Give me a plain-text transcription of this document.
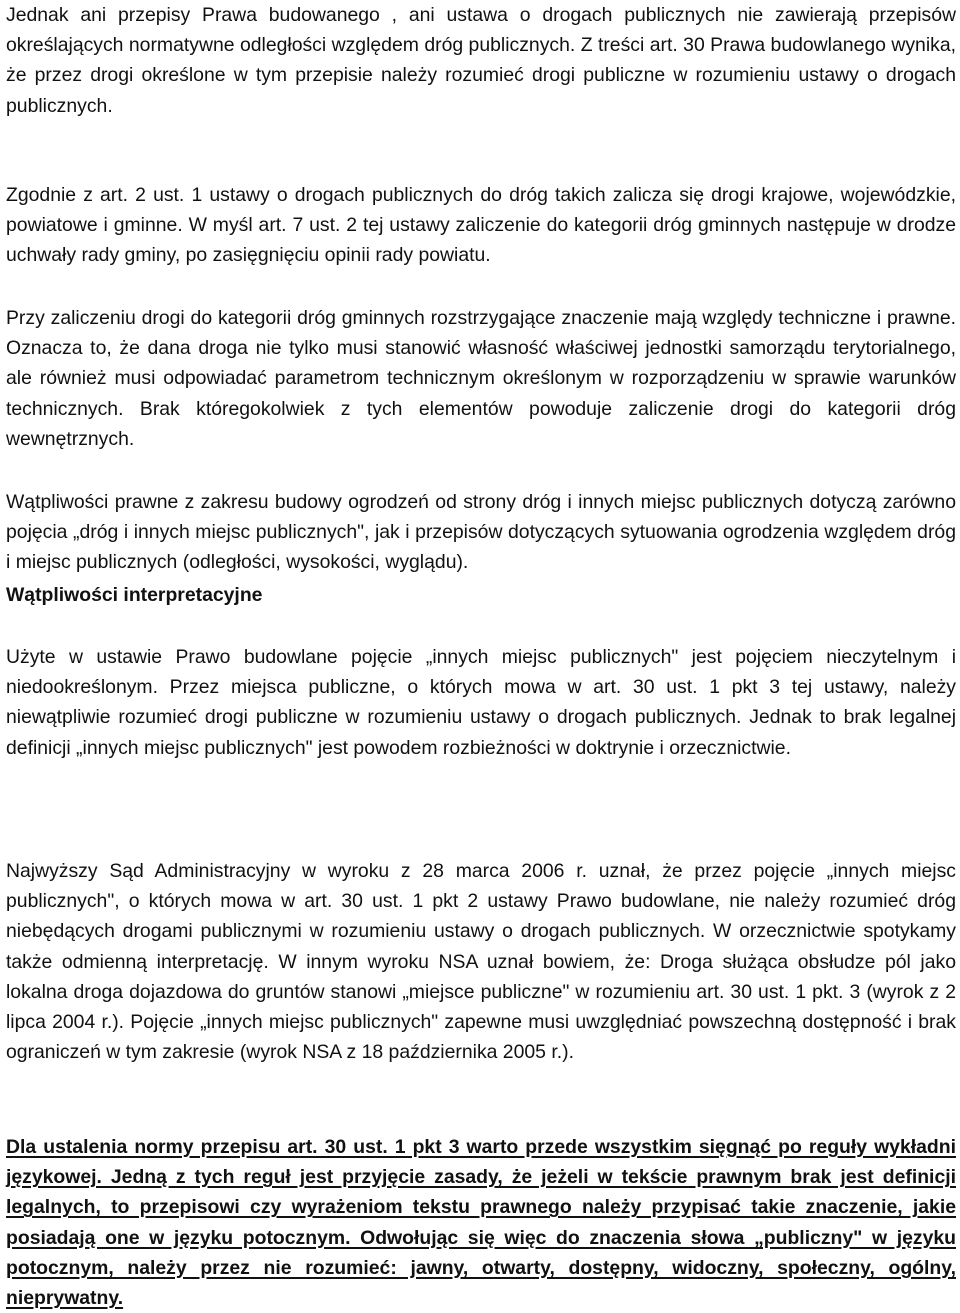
Jednak ani przepisy Prawa budowanego , ani ustawa o drogach publicznych nie zawierają przepisów określających normatywne odległości względem dróg publicznych. Z treści art. 30 Prawa budowlanego wynika, że przez drogi określone w tym przepisie należy rozumieć drogi publiczne w rozumieniu ustawy o drogach publicznych.

Zgodnie z art. 2 ust. 1 ustawy o drogach publicznych do dróg takich zalicza się drogi krajowe, wojewódzkie, powiatowe i gminne. W myśl art. 7 ust. 2 tej ustawy zaliczenie do kategorii dróg gminnych następuje w drodze uchwały rady gminy, po zasięgnięciu opinii rady powiatu.

Przy zaliczeniu drogi do kategorii dróg gminnych rozstrzygające znaczenie mają względy techniczne i prawne. Oznacza to, że dana droga nie tylko musi stanowić własność właściwej jednostki samorządu terytorialnego, ale również musi odpowiadać parametrom technicznym określonym w rozporządzeniu w sprawie warunków technicznych. Brak któregokolwiek z tych elementów powoduje zaliczenie drogi do kategorii dróg wewnętrznych.

Wątpliwości prawne z zakresu budowy ogrodzeń od strony dróg i innych miejsc publicznych dotyczą zarówno pojęcia „dróg i innych miejsc publicznych", jak i przepisów dotyczących sytuowania ogrodzenia względem dróg i miejsc publicznych (odległości, wysokości, wyglądu).

Wątpliwości interpretacyjne

Użyte w ustawie Prawo budowlane pojęcie „innych miejsc publicznych" jest pojęciem nieczytelnym i niedookreślonym. Przez miejsca publiczne, o których mowa w art. 30 ust. 1 pkt 3 tej ustawy, należy niewątpliwie rozumieć drogi publiczne w rozumieniu ustawy o drogach publicznych. Jednak to brak legalnej definicji „innych miejsc publicznych" jest powodem rozbieżności w doktrynie i orzecznictwie.

Najwyższy Sąd Administracyjny w wyroku z 28 marca 2006 r. uznał, że przez pojęcie „innych miejsc publicznych", o których mowa w art. 30 ust. 1 pkt 2 ustawy Prawo budowlane, nie należy rozumieć dróg niebędących drogami publicznymi w rozumieniu ustawy o drogach publicznych. W orzecznictwie spotykamy także odmienną interpretację. W innym wyroku NSA uznał bowiem, że: Droga służąca obsłudze pól jako lokalna droga dojazdowa do gruntów stanowi „miejsce publiczne" w rozumieniu art. 30 ust. 1 pkt. 3 (wyrok z 2 lipca 2004 r.). Pojęcie „innych miejsc publicznych" zapewne musi uwzględniać powszechną dostępność i brak ograniczeń w tym zakresie (wyrok NSA z 18 października 2005 r.).

Dla ustalenia normy przepisu art. 30 ust. 1 pkt 3 warto przede wszystkim sięgnąć po reguły wykładni językowej. Jedną z tych reguł jest przyjęcie zasady, że jeżeli w tekście prawnym brak jest definicji legalnych, to przepisowi czy wyrażeniom tekstu prawnego należy przypisać takie znaczenie, jakie posiadają one w języku potocznym. Odwołując się więc do znaczenia słowa „publiczny" w języku potocznym, należy przez nie rozumieć: jawny, otwarty, dostępny, widoczny, społeczny, ogólny, nieprywatny.
